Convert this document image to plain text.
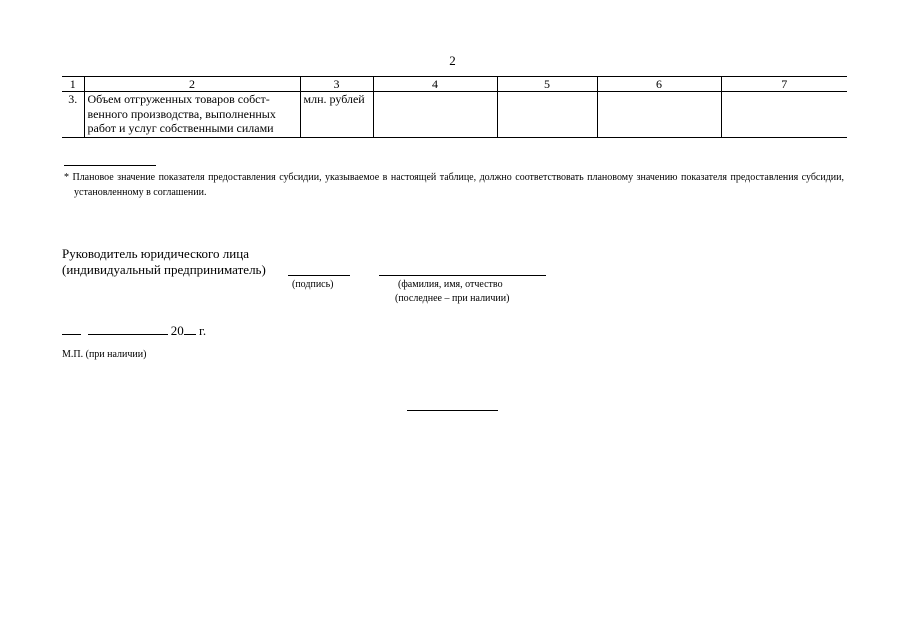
2
1	2	3	4	5	6	7
3.	Объем отгруженных товаров собст-
венного производства, выполненных
работ и услуг собственными силами	млн. рублей				
* Плановое значение показателя предоставления субсидии, указываемое в настоящей таблице, должно соответствовать плановому значению показателя предоставления субсидии, установленному в соглашении.
Руководитель юридического лица
(индивидуальный предприниматель)
(подпись)	(фамилия, имя, отчество
(последнее – при наличии)
20 г.
М.П. (при наличии)
